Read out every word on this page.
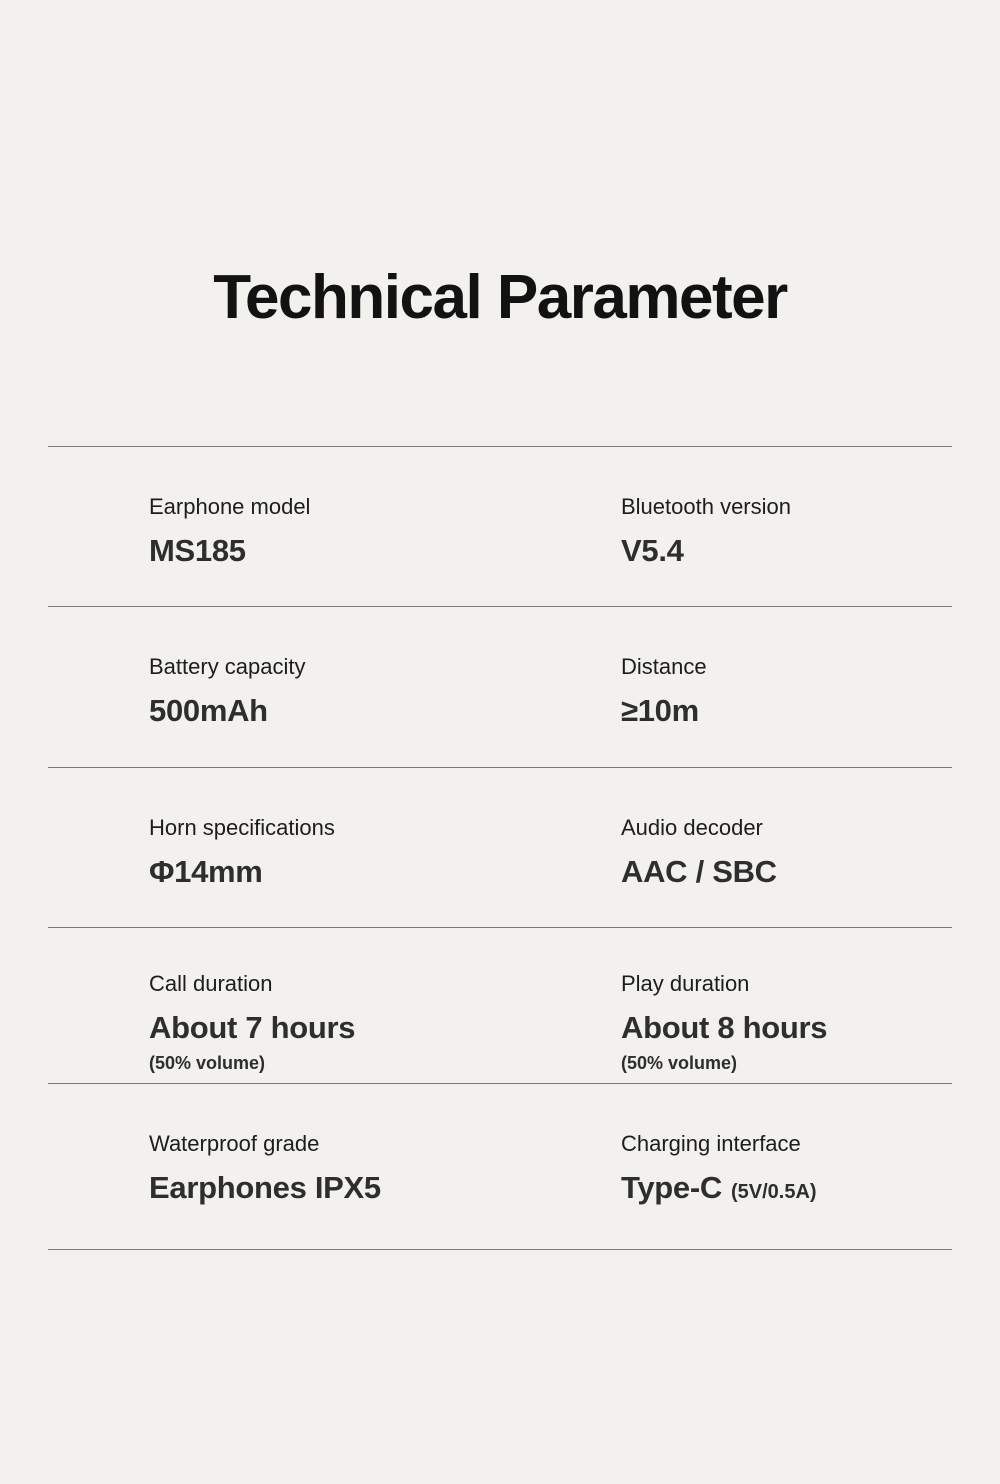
Technical Parameter
Earphone model
MS185
Bluetooth version
V5.4
Battery capacity
500mAh
Distance
≥10m
Horn specifications
Φ14mm
Audio decoder
AAC / SBC
Call duration
About 7 hours
(50% volume)
Play duration
About 8 hours
(50% volume)
Waterproof grade
Earphones IPX5
Charging interface
Type-C (5V/0.5A)
